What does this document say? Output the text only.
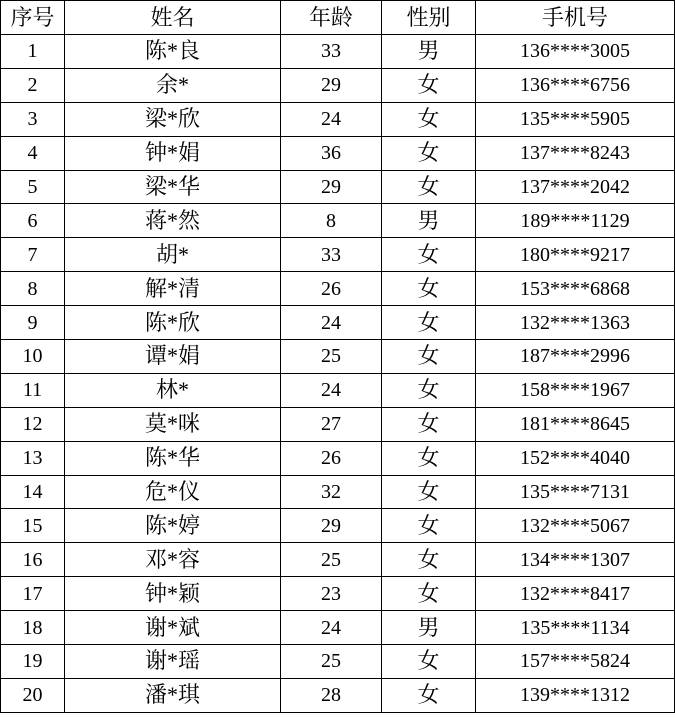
序号	姓名	年龄	性别	手机号
1	陈*良	33	男	136****3005
2	余*	29	女	136****6756
3	梁*欣	24	女	135****5905
4	钟*娟	36	女	137****8243
5	梁*华	29	女	137****2042
6	蒋*然	8	男	189****1129
7	胡*	33	女	180****9217
8	解*清	26	女	153****6868
9	陈*欣	24	女	132****1363
10	谭*娟	25	女	187****2996
11	林*	24	女	158****1967
12	莫*咪	27	女	181****8645
13	陈*华	26	女	152****4040
14	危*仪	32	女	135****7131
15	陈*婷	29	女	132****5067
16	邓*容	25	女	134****1307
17	钟*颖	23	女	132****8417
18	谢*斌	24	男	135****1134
19	谢*瑶	25	女	157****5824
20	潘*琪	28	女	139****1312
